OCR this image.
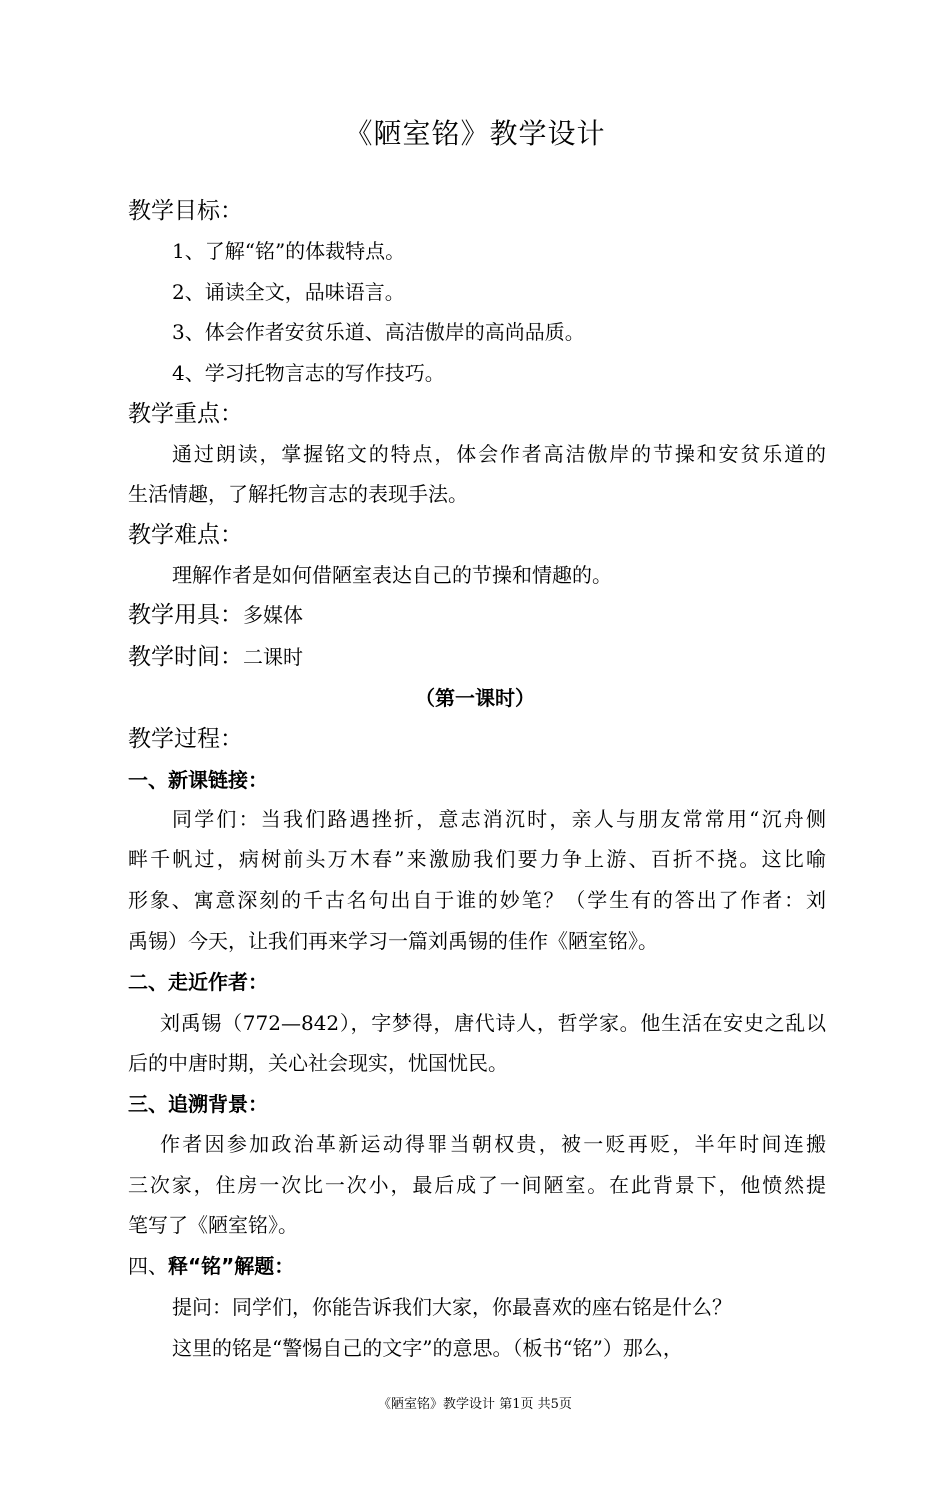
《陋室铭》教学设计
教学目标：
1、了解“铭”的体裁特点。
2、诵读全文，品味语言。
3、体会作者安贫乐道、高洁傲岸的高尚品质。
4、学习托物言志的写作技巧。
教学重点：
通过朗读，掌握铭文的特点，体会作者高洁傲岸的节操和安贫乐道的
生活情趣，了解托物言志的表现手法。
教学难点：
理解作者是如何借陋室表达自己的节操和情趣的。
教学用具：多媒体
教学时间：二课时
（第一课时）
教学过程：
一、新课链接：
同学们：当我们路遇挫折，意志消沉时，亲人与朋友常常用“沉舟侧
畔千帆过，病树前头万木春”来激励我们要力争上游、百折不挠。这比喻
形象、寓意深刻的千古名句出自于谁的妙笔？（学生有的答出了作者：刘
禹锡）今天，让我们再来学习一篇刘禹锡的佳作《陋室铭》。
二、走近作者：
刘禹锡（772—842），字梦得，唐代诗人，哲学家。他生活在安史之乱以
后的中唐时期，关心社会现实，忧国忧民。
三、追溯背景：
作者因参加政治革新运动得罪当朝权贵，被一贬再贬，半年时间连搬
三次家，住房一次比一次小，最后成了一间陋室。在此背景下，他愤然提
笔写了《陋室铭》。
四、释“铭”解题：
提问：同学们，你能告诉我们大家，你最喜欢的座右铭是什么？
这里的铭是“警惕自己的文字”的意思。（板书“铭”）那么，
《陋室铭》教学设计 第1页 共5页
